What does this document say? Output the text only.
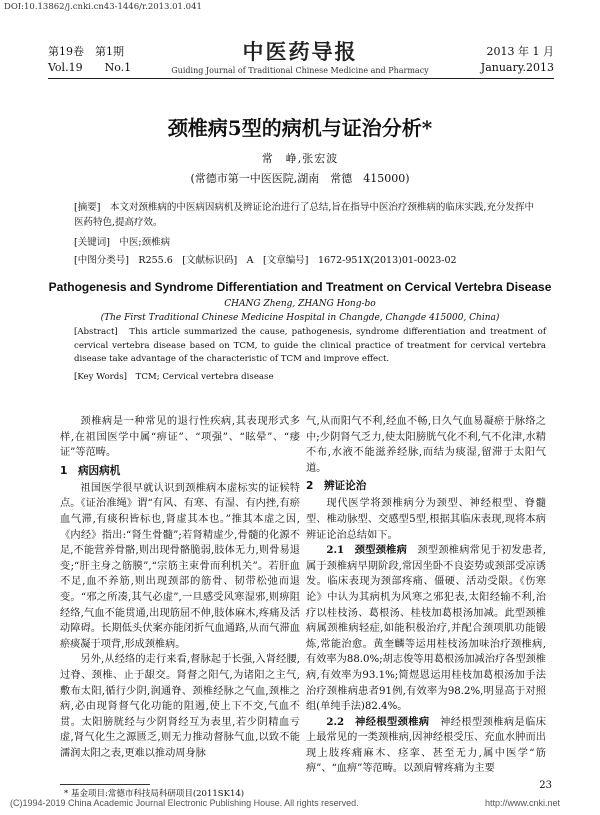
DOI:10.13862/j.cnki.cn43-1446/r.2013.01.041
第19卷　第1期
Vol.19　　No.1
中医药导报
Guiding Journal of Traditional Chinese Medicine and Pharmacy
2013 年 1 月
January.2013
颈椎病5型的病机与证治分析*
常　峥,张宏波
(常德市第一中医医院,湖南　常德　415000)
[摘要]　本文对颈椎病的中医病因病机及辨证论治进行了总结,旨在指导中医治疗颈椎病的临床实践,充分发挥中医药特色,提高疗效。
[关键词]　中医;颈椎病
[中图分类号]　R255.6　[文献标识码]　A　[文章编号]　1672-951X(2013)01-0023-02
Pathogenesis and Syndrome Differentiation and Treatment on Cervical Vertebra Disease
CHANG Zheng, ZHANG Hong-bo
(The First Traditional Chinese Medicine Hospital in Changde, Changde 415000, China)
[Abstract]　This article summarized the cause, pathogenesis, syndrome differentiation and treatment of cervical vertebra disease based on TCM, to guide the clinical practice of treatment for cervical vertebra disease take advantage of the characteristic of TCM and improve effect.
[Key Words]　TCM; Cervical vertebra disease

颈椎病是一种常见的退行性疾病,其表现形式多样,在祖国医学中属“痹证”、“项强”、“眩晕”、“痿证”等范畴。

1　病因病机

祖国医学很早就认识到颈椎病本虚标实的证候特点。《证治准绳》谓“有风、有寒、有湿、有内挫,有瘀血气滞,有痰积皆标也,肾虚其本也。”推其本虚之因,《内经》指出:“肾生骨髓”;若肾精虚少,骨髓的化源不足,不能营养骨骼,则出现骨骼脆弱,肢体无力,则骨易退变;“肝主身之筋膜”,“宗筋主束骨而利机关”。若肝血不足,血不养筋,则出现颈部的筋骨、韧带松弛而退变。“邪之所凑,其气必虚”,一旦感受风寒湿邪,则痹阻经络,气血不能贯通,出现筋屈不伸,肢体麻木,疼痛及活动障碍。长期低头伏案亦能闭折气血通路,从而气滞血瘀痰凝于项背,形成颈椎病。

另外,从经络的走行来看,督脉起于长强,入肾经腰,过脊、颈椎、止于龈交。肾督之阳气,为诸阳之主气,敷布太阳,循行少阴,润通脊、颈椎经脉之气血,颈椎之病,必由现肾督气化功能的阻遏,使上下不交,气血不贯。太阳膀胱经与少阴肾经互为表里,若少阴精血亏虚,肾气化生之源匮乏,则无力推动督脉气血,以致不能濡润太阳之表,更难以推动周身脉

气,从而阳气不利,经血不畅,日久气血易凝瘀于脉络之中;少阴肾气乏力,使太阳膀胱气化不利,气不化津,水精不布,水液不能滋养经脉,而结为痰湿,留滞于太阳气道。

2　辨证论治

现代医学将颈椎病分为颈型、神经根型、脊髓型、椎动脉型、交感型5型,根据其临床表现,现将本病辨证论治总结如下。

2.1　颈型颈椎病　颈型颈椎病常见于初发患者,属于颈椎病早期阶段,常因坐卧不良姿势或颈部受凉诱发。临床表现为颈部疼痛、僵硬、活动受限。《伤寒论》中认为其病机为风寒之邪犯表,太阳经输不利,治疗以桂枝汤、葛根汤、桂枝加葛根汤加减。此型颈椎病属颈椎病轻症,如能积极治疗,并配合颈项肌功能锻炼,常能治愈。黄奎麟等运用桂枝汤加味治疗颈椎病,有效率为88.0%;胡志俊等用葛根汤加减治疗各型颈椎病,有效率为93.1%;简煜恩运用桂枝加葛根汤加手法治疗颈椎病患者91例,有效率为98.2%,明显高于对照组(单纯手法)82.4%。

2.2　神经根型颈椎病　神经根型颈椎病是临床上最常见的一类颈椎病,因神经根受压、充血水肿而出现上肢疼痛麻木、痉挛、甚至无力,属中医学“筋痹”、“血痹”等范畴。以颈肩臂疼痛为主要

* 基金项目:常德市科技局科研项目(2011SK14)
23
(C)1994-2019 China Academic Journal Electronic Publishing House. All rights reserved.	http://www.cnki.net
